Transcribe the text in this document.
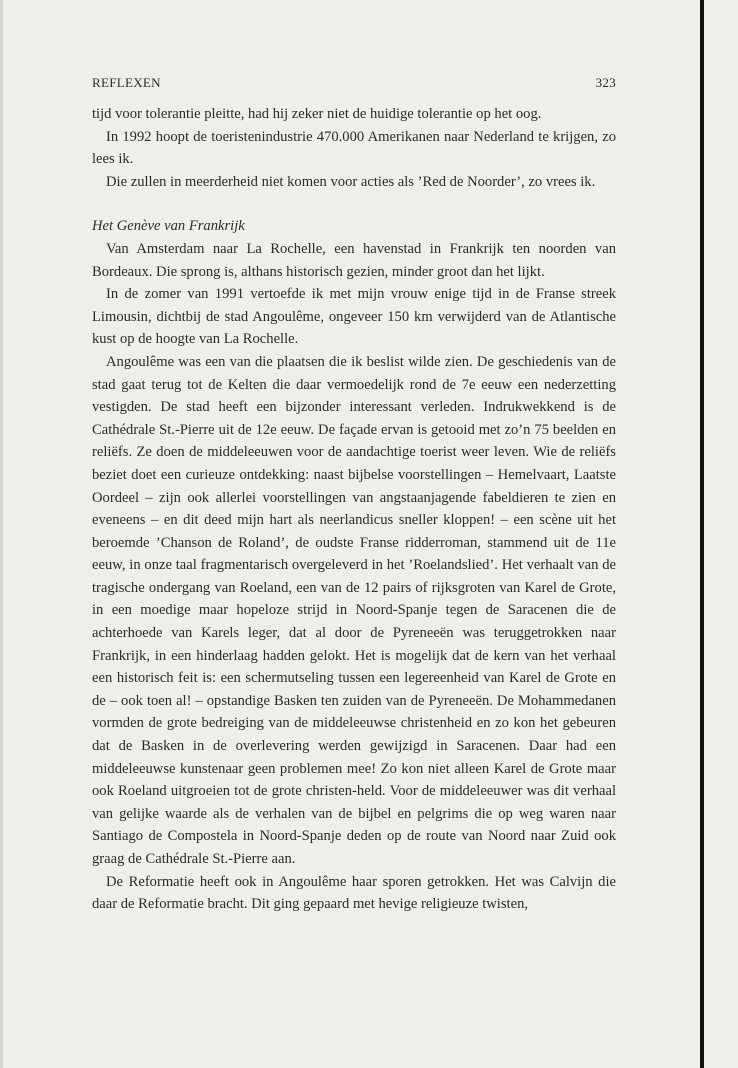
REFLEXEN	323

tijd voor tolerantie pleitte, had hij zeker niet de huidige tolerantie op het oog.

In 1992 hoopt de toeristenindustrie 470.000 Amerikanen naar Nederland te krijgen, zo lees ik.

Die zullen in meerderheid niet komen voor acties als ’Red de Noorder’, zo vrees ik.

Het Genève van Frankrijk

Van Amsterdam naar La Rochelle, een havenstad in Frankrijk ten noorden van Bordeaux. Die sprong is, althans historisch gezien, minder groot dan het lijkt.

In de zomer van 1991 vertoefde ik met mijn vrouw enige tijd in de Franse streek Limousin, dichtbij de stad Angoulême, ongeveer 150 km verwijderd van de Atlantische kust op de hoogte van La Rochelle.

Angoulême was een van die plaatsen die ik beslist wilde zien. De geschiedenis van de stad gaat terug tot de Kelten die daar vermoedelijk rond de 7e eeuw een nederzetting vestigden. De stad heeft een bijzonder interessant verleden. Indrukwekkend is de Cathédrale St.-Pierre uit de 12e eeuw. De façade ervan is getooid met zo’n 75 beelden en reliëfs. Ze doen de middeleeuwen voor de aandachtige toerist weer leven. Wie de reliëfs beziet doet een curieuze ontdekking: naast bijbelse voorstellingen – Hemelvaart, Laatste Oordeel – zijn ook allerlei voorstellingen van angstaanjagende fabeldieren te zien en eveneens – en dit deed mijn hart als neerlandicus sneller kloppen! – een scène uit het beroemde ’Chanson de Roland’, de oudste Franse ridderroman, stammend uit de 11e eeuw, in onze taal fragmentarisch overgeleverd in het ’Roelandslied’. Het verhaalt van de tragische ondergang van Roeland, een van de 12 pairs of rijksgroten van Karel de Grote, in een moedige maar hopeloze strijd in Noord-Spanje tegen de Saracenen die de achterhoede van Karels leger, dat al door de Pyreneeën was teruggetrokken naar Frankrijk, in een hinderlaag hadden gelokt. Het is mogelijk dat de kern van het verhaal een historisch feit is: een schermutseling tussen een legereenheid van Karel de Grote en de – ook toen al! – opstandige Basken ten zuiden van de Pyreneeën. De Mohammedanen vormden de grote bedreiging van de middeleeuwse christenheid en zo kon het gebeuren dat de Basken in de overlevering werden gewijzigd in Saracenen. Daar had een middeleeuwse kunstenaar geen problemen mee! Zo kon niet alleen Karel de Grote maar ook Roeland uitgroeien tot de grote christen-held. Voor de middeleeuwer was dit verhaal van gelijke waarde als de verhalen van de bijbel en pelgrims die op weg waren naar Santiago de Compostela in Noord-Spanje deden op de route van Noord naar Zuid ook graag de Cathédrale St.-Pierre aan.

De Reformatie heeft ook in Angoulême haar sporen getrokken. Het was Calvijn die daar de Reformatie bracht. Dit ging gepaard met hevige religieuze twisten,
